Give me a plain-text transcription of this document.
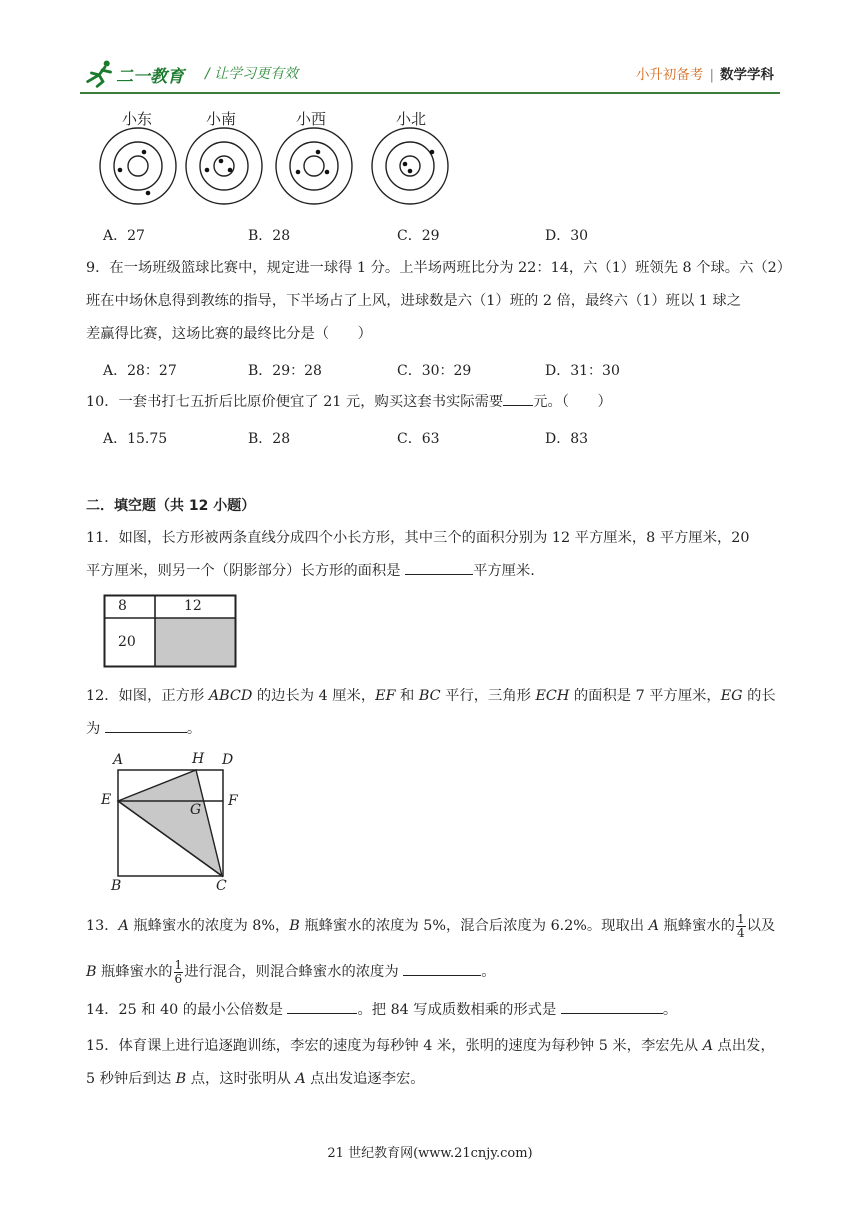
二一教育 / 让学习更有效	小升初备考 | 数学学科
小东	小南	小西	小北
A．27	B．28	C．29	D．30
9．在一场班级篮球比赛中，规定进一球得 1 分。上半场两班比分为 22：14，六（1）班领先 8 个球。六（2）
班在中场休息得到教练的指导，下半场占了上风，进球数是六（1）班的 2 倍，最终六（1）班以 1 球之
差赢得比赛，这场比赛的最终比分是（　　）
A．28：27	B．29：28	C．30：29	D．31：30
10．一套书打七五折后比原价便宜了 21 元，购买这套书实际需要 元。（　　）
A．15.75	B．28	C．63	D．83
二．填空题（共 12 小题）
11．如图，长方形被两条直线分成四个小长方形，其中三个的面积分别为 12 平方厘米，8 平方厘米，20
平方厘米，则另一个（阴影部分）长方形的面积是	平方厘米.
8	12
20
12．如图，正方形 ABCD 的边长为 4 厘米，EF 和 BC 平行，三角形 ECH 的面积是 7 平方厘米，EG 的长
为	。
A	H D
E
G
F
B	C
13．A 瓶蜂蜜水的浓度为 8%，B 瓶蜂蜜水的浓度为 5%，混合后浓度为 6.2%。现取出 A 瓶蜂蜜水的 $\frac{1}{4}$ 以及
B 瓶蜂蜜水的 $\frac{1}{6}$ 进行混合，则混合蜂蜜水的浓度为	。
14．25 和 40 的最小公倍数是	。把 84 写成质数相乘的形式是	。
15．体育课上进行追逐跑训练，李宏的速度为每秒钟 4 米，张明的速度为每秒钟 5 米，李宏先从 A 点出发，
5 秒钟后到达 B 点，这时张明从 A 点出发追逐李宏。
21 世纪教育网(www.21cnjy.com)
